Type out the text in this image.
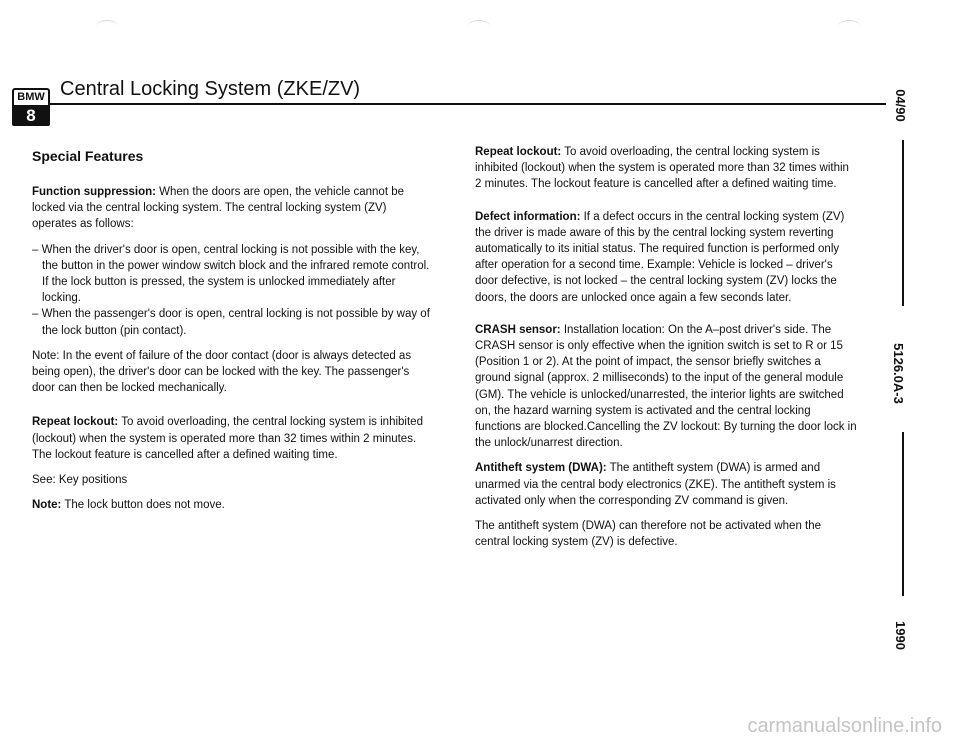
BMW
8
Central Locking System (ZKE/ZV)
04/90
5126.0A-3
1990
Special Features

Function suppression: When the doors are open, the vehicle cannot be locked via the central locking system. The central locking system (ZV) operates as follows:

– When the driver's door is open, central locking is not possible with the key, the button in the power window switch block and the infrared remote control. If the lock button is pressed, the system is unlocked immediately after locking.
– When the passenger's door is open, central locking is not possible by way of the lock button (pin contact).

Note: In the event of failure of the door contact (door is always detected as being open), the driver's door can be locked with the key. The passenger's door can then be locked mechanically.

Repeat lockout: To avoid overloading, the central locking system is inhibited (lockout) when the system is operated more than 32 times within 2 minutes. The lockout feature is cancelled after a defined waiting time.

See: Key positions

Note: The lock button does not move.

Repeat lockout: To avoid overloading, the central locking system is inhibited (lockout) when the system is operated more than 32 times within 2 minutes. The lockout feature is cancelled after a defined waiting time.

Defect information: If a defect occurs in the central locking system (ZV) the driver is made aware of this by the central locking system reverting automatically to its initial status. The required function is performed only after operation for a second time. Example: Vehicle is locked – driver's door defective, is not locked – the central locking system (ZV) locks the doors, the doors are unlocked once again a few seconds later.

CRASH sensor: Installation location: On the A–post driver's side. The CRASH sensor is only effective when the ignition switch is set to R or 15 (Position 1 or 2). At the point of impact, the sensor briefly switches a ground signal (approx. 2 milliseconds) to the input of the general module (GM). The vehicle is unlocked/unarrested, the interior lights are switched on, the hazard warning system is activated and the central locking functions are blocked.Cancelling the ZV lockout: By turning the door lock in the unlock/unarrest direction.

Antitheft system (DWA): The antitheft system (DWA) is armed and unarmed via the central body electronics (ZKE). The antitheft system is activated only when the corresponding ZV command is given.

The antitheft system (DWA) can therefore not be activated when the central locking system (ZV) is defective.

carmanualsonline.info
